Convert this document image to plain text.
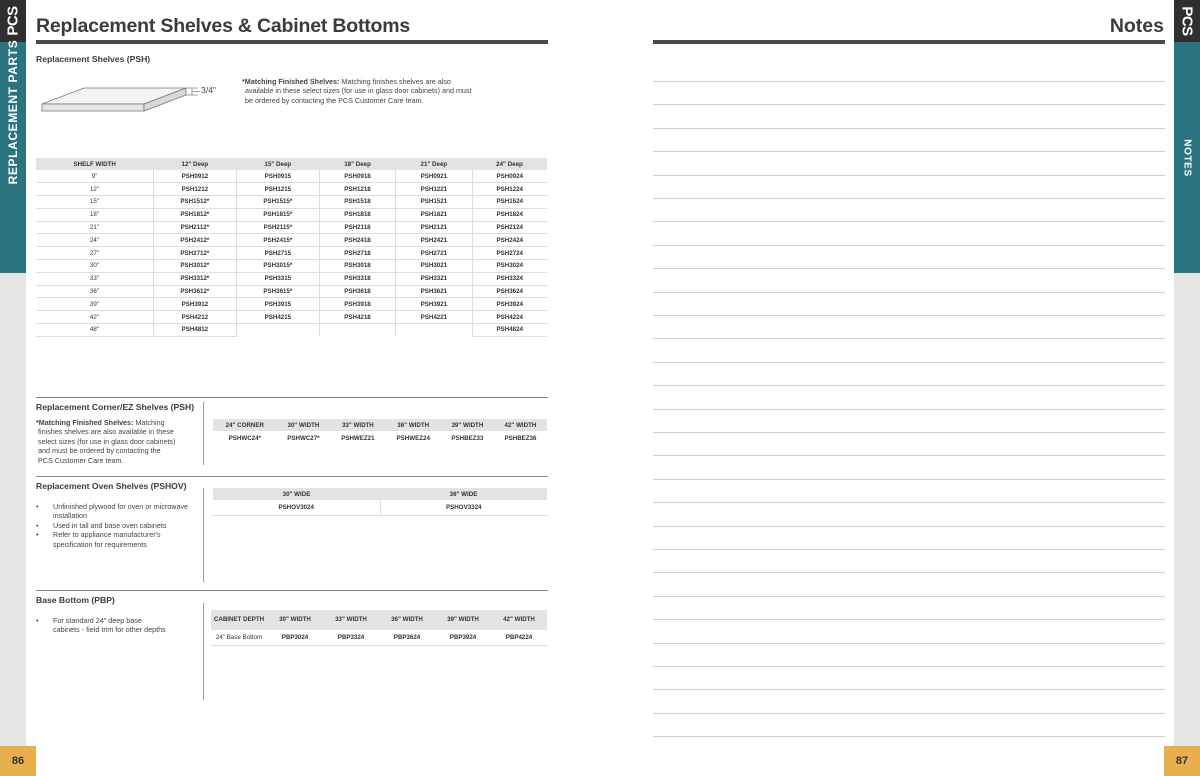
PCS
REPLACEMENT PARTS
86
PCS
NOTES
87
Replacement Shelves & Cabinet Bottoms
Replacement Shelves (PSH)
3/4"
*Matching Finished Shelves: Matching finishes shelves are also
available in these select sizes (for use in glass door cabinets) and must
be ordered by contacting the PCS Customer Care team.
SHELF WIDTH	12" Deep	15" Deep	18" Deep	21" Deep	24" Deep
9"	PSH0912	PSH0915	PSH0918	PSH0921	PSH0924
12"	PSH1212	PSH1215	PSH1218	PSH1221	PSH1224
15"	PSH1512*	PSH1515*	PSH1518	PSH1521	PSH1524
18"	PSH1812*	PSH1815*	PSH1818	PSH1821	PSH1824
21"	PSH2112*	PSH2115*	PSH2118	PSH2121	PSH2124
24"	PSH2412*	PSH2415*	PSH2418	PSH2421	PSH2424
27"	PSH2712*	PSH2715	PSH2718	PSH2721	PSH2724
30"	PSH3012*	PSH3015*	PSH3018	PSH3021	PSH3024
33"	PSH3312*	PSH3315	PSH3318	PSH3321	PSH3324
36"	PSH3612*	PSH3615*	PSH3618	PSH3621	PSH3624
39"	PSH3912	PSH3915	PSH3918	PSH3921	PSH3924
42"	PSH4212	PSH4215	PSH4218	PSH4221	PSH4224
48"	PSH4812				PSH4824
Replacement Corner/EZ Shelves (PSH)
*Matching Finished Shelves: Matching
finishes shelves are also available in these
select sizes (for use in glass door cabinets)
and must be ordered by contacting the
PCS Customer Care team.
24" CORNER	30" WIDTH	33" WIDTH	36" WIDTH	39" WIDTH	42" WIDTH
PSHWC24*	PSHWC27*	PSHWEZ21	PSHWEZ24	PSHBEZ33	PSHBEZ36
Replacement Oven Shelves (PSHOV)
• Unfinished plywood for oven or microwave installation
• Used in tall and base oven cabinets
• Refer to appliance manufacturer's specification for requirements
30" WIDE	36" WIDE
PSHOV3024	PSHOV3324
Base Bottom (PBP)
• For standard 24" deep base cabinets - field trim for other depths
CABINET DEPTH	30" WIDTH	33" WIDTH	36" WIDTH	39" WIDTH	42" WIDTH
24" Base Bottom	PBP3024	PBP3324	PBP3624	PBP3924	PBP4224
Notes
